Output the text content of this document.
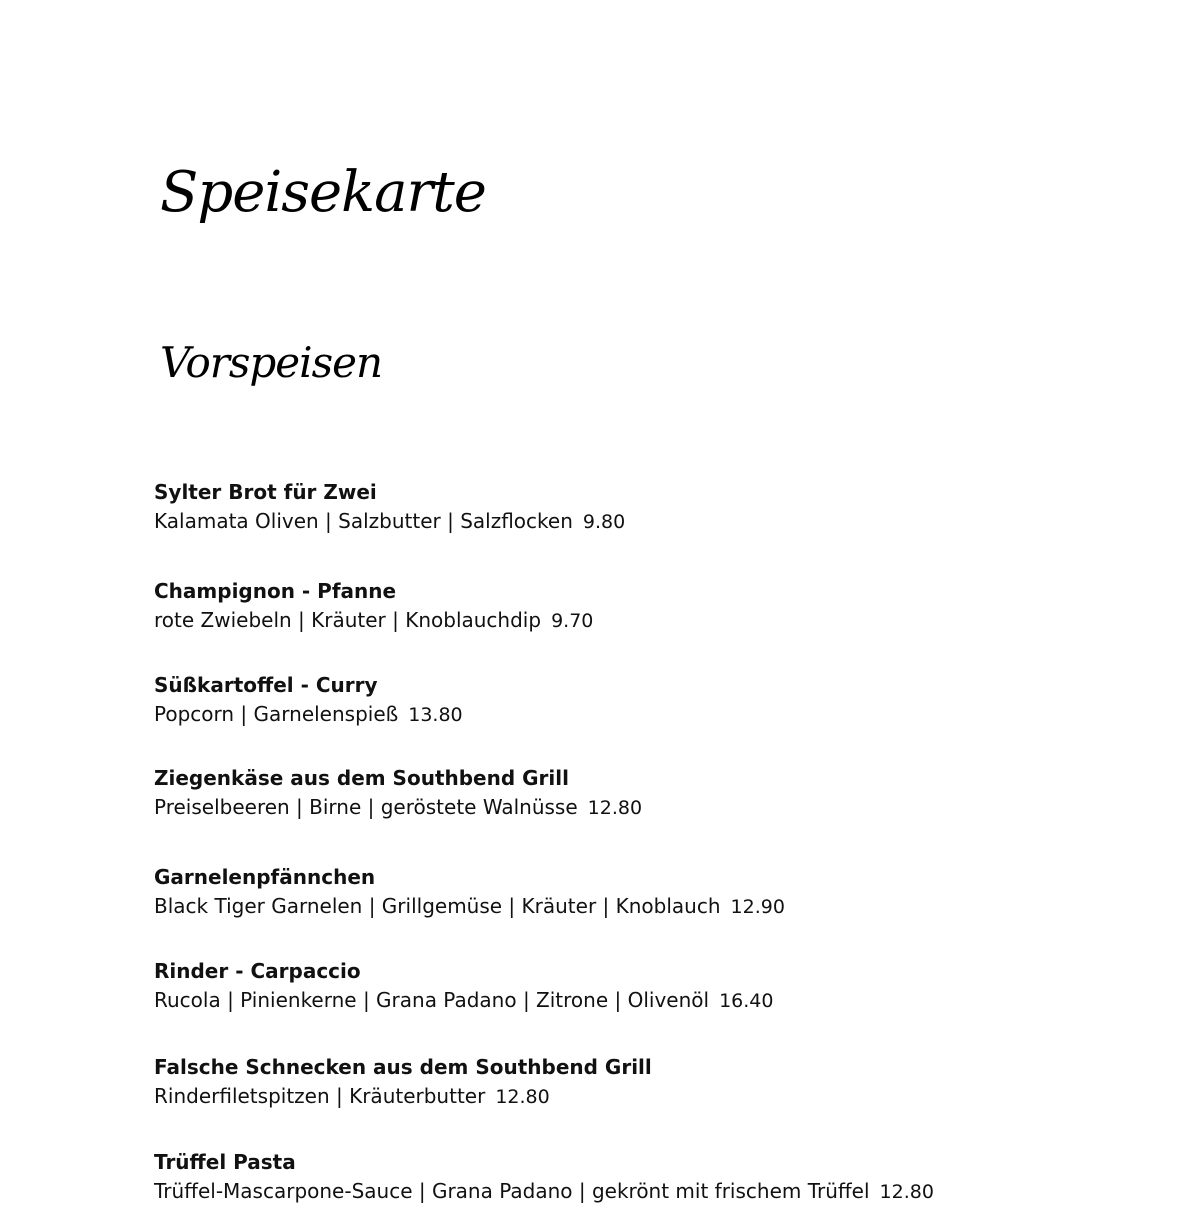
Speisekarte
Vorspeisen
Sylter Brot für Zwei
Kalamata Oliven | Salzbutter | Salzflocken 9.80
Champignon - Pfanne
rote Zwiebeln | Kräuter | Knoblauchdip 9.70
Süßkartoffel - Curry
Popcorn | Garnelenspieß 13.80
Ziegenkäse aus dem Southbend Grill
Preiselbeeren | Birne | geröstete Walnüsse 12.80
Garnelenpfännchen
Black Tiger Garnelen | Grillgemüse | Kräuter | Knoblauch 12.90
Rinder - Carpaccio
Rucola | Pinienkerne | Grana Padano | Zitrone | Olivenöl 16.40
Falsche Schnecken aus dem Southbend Grill
Rinderfiletspitzen | Kräuterbutter 12.80
Trüffel Pasta
Trüffel-Mascarpone-Sauce | Grana Padano | gekrönt mit frischem Trüffel 12.80
